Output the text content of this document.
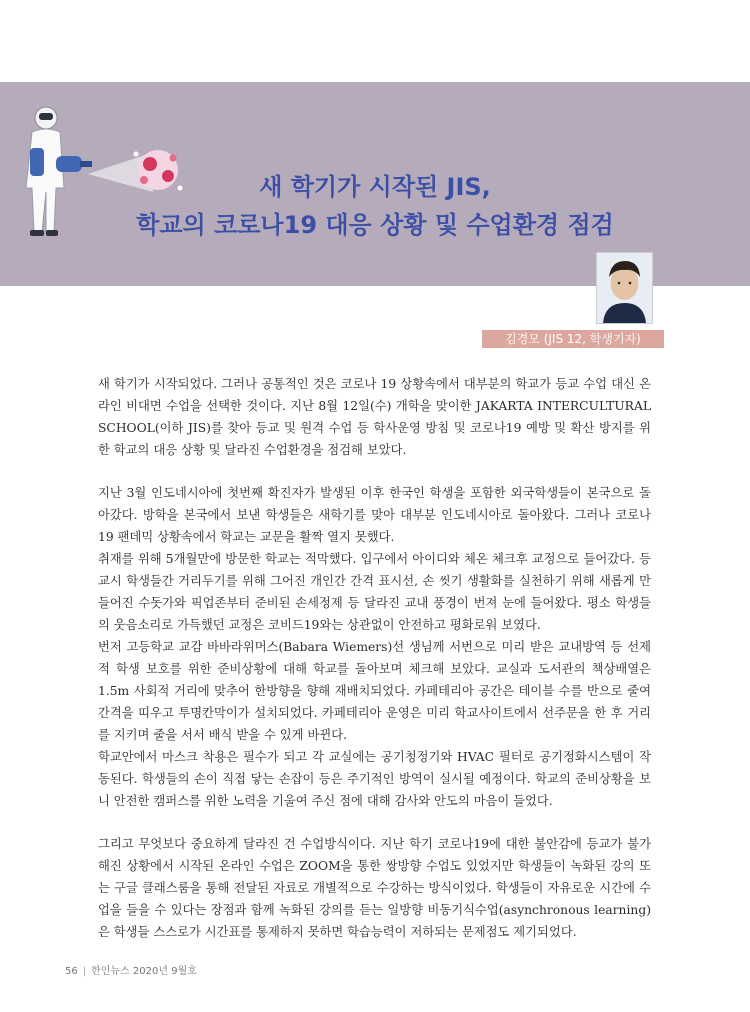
새 학기가 시작된 JIS,
학교의 코로나19 대응 상황 및 수업환경 점검
김경모 (JIS 12, 학생기자)

새 학기가 시작되었다. 그러나 공통적인 것은 코로나 19 상황속에서 대부분의 학교가 등교 수업 대신 온라인 비대면 수업을 선택한 것이다. 지난 8월 12일(수) 개학을 맞이한 JAKARTA INTERCULTURAL SCHOOL(이하 JIS)를 찾아 등교 및 원격 수업 등 학사운영 방침 및 코로나19 예방 및 확산 방지를 위한 학교의 대응 상황 및 달라진 수업환경을 점검해 보았다.

지난 3월 인도네시아에 첫번째 확진자가 발생된 이후 한국인 학생을 포함한 외국학생들이 본국으로 돌아갔다. 방학을 본국에서 보낸 학생들은 새학기를 맞아 대부분 인도네시아로 돌아왔다. 그러나 코로나19 팬데믹 상황속에서 학교는 교문을 활짝 열지 못했다.

취재를 위해 5개월만에 방문한 학교는 적막했다. 입구에서 아이디와 체온 체크후 교정으로 들어갔다. 등교시 학생들간 거리두기를 위해 그어진 개인간 간격 표시선, 손 씻기 생활화를 실천하기 위해 새롭게 만들어진 수돗가와 픽업존부터 준비된 손세정제 등 달라진 교내 풍경이 번져 눈에 들어왔다. 평소 학생들의 웃음소리로 가득했던 교정은 코비드19와는 상관없이 안전하고 평화로워 보였다.

번저 고등학교 교감 바바라위머스(Babara Wiemers)선 생님께 서번으로 미리 받은 교내방역 등 선제적 학생 보호를 위한 준비상황에 대해 학교를 돌아보며 체크해 보았다. 교실과 도서관의 책상배열은 1.5m 사회적 거리에 맞추어 한방향을 향해 재배치되었다. 카페테리아 공간은 테이블 수를 반으로 줄여 간격을 띠우고 투명칸막이가 설치되었다. 카페테리아 운영은 미리 학교사이트에서 선주문을 한 후 거리를 지키며 줄을 서서 배식 받을 수 있게 바뀐다.

학교안에서 마스크 착용은 필수가 되고 각 교실에는 공기청정기와 HVAC 필터로 공기정화시스템이 작동된다. 학생들의 손이 직접 닿는 손잡이 등은 주기적인 방역이 실시될 예정이다. 학교의 준비상황을 보니 안전한 캠퍼스를 위한 노력을 기울여 주신 점에 대해 감사와 안도의 마음이 들었다.

그리고 무엇보다 중요하게 달라진 건 수업방식이다. 지난 학기 코로나19에 대한 불안감에 등교가 불가해진 상황에서 시작된 온라인 수업은 ZOOM을 통한 쌍방향 수업도 있었지만 학생들이 녹화된 강의 또는 구글 클래스룸을 통해 전달된 자료로 개별적으로 수강하는 방식이었다. 학생들이 자유로운 시간에 수업을 들을 수 있다는 장점과 함께 녹화된 강의를 듣는 일방향 비동기식수업(asynchronous learning)은 학생들 스스로가 시간표를 통제하지 못하면 학습능력이 저하되는 문제점도 제기되었다.

56 | 한인뉴스 2020년 9월호
